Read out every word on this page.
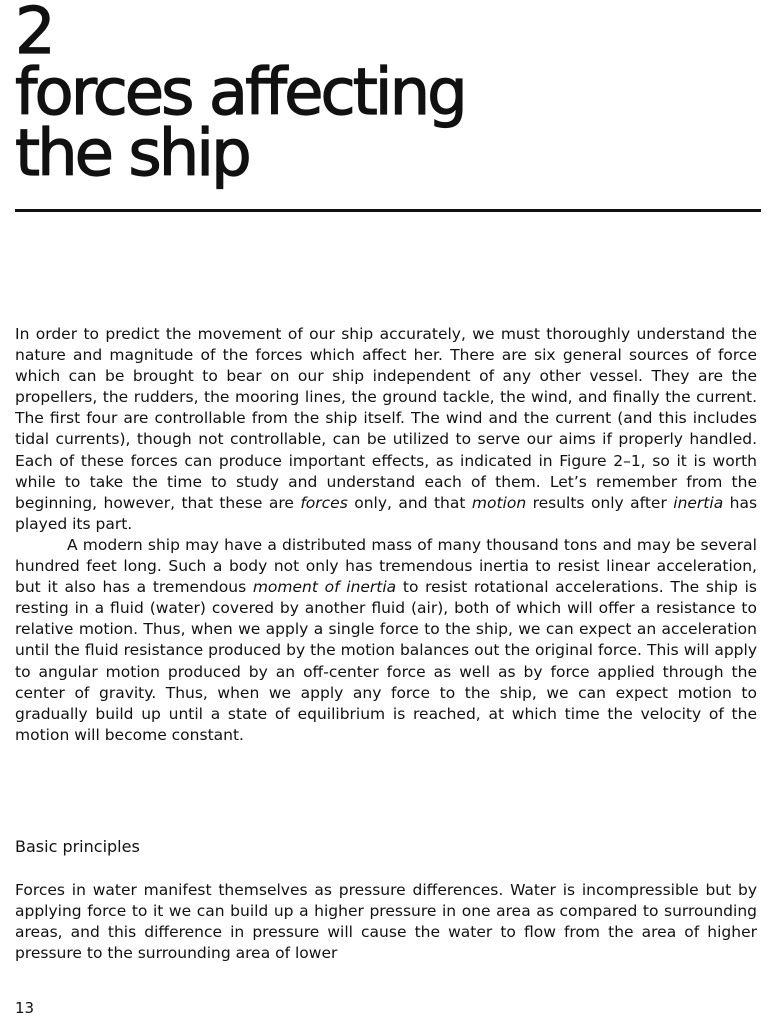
2
forces affecting
the ship

In order to predict the movement of our ship accurately, we must thoroughly understand the nature and magnitude of the forces which affect her. There are six general sources of force which can be brought to bear on our ship independent of any other vessel. They are the propellers, the rudders, the mooring lines, the ground tackle, the wind, and finally the current. The first four are controllable from the ship itself. The wind and the current (and this includes tidal currents), though not controllable, can be utilized to serve our aims if properly handled. Each of these forces can produce important effects, as indicated in Figure 2–1, so it is worth while to take the time to study and understand each of them. Let’s remember from the beginning, however, that these are forces only, and that motion results only after inertia has played its part.

A modern ship may have a distributed mass of many thousand tons and may be several hundred feet long. Such a body not only has tremendous inertia to resist linear acceleration, but it also has a tremendous moment of inertia to resist rotational accelerations. The ship is resting in a fluid (water) covered by another fluid (air), both of which will offer a resistance to relative motion. Thus, when we apply a single force to the ship, we can expect an acceleration until the fluid resistance produced by the motion balances out the original force. This will apply to angular motion produced by an off-center force as well as by force applied through the center of gravity. Thus, when we apply any force to the ship, we can expect motion to gradually build up until a state of equilibrium is reached, at which time the velocity of the motion will become constant.

Basic principles

Forces in water manifest themselves as pressure differences. Water is incompressible but by applying force to it we can build up a higher pressure in one area as compared to surrounding areas, and this difference in pressure will cause the water to flow from the area of higher pressure to the surrounding area of lower

13
